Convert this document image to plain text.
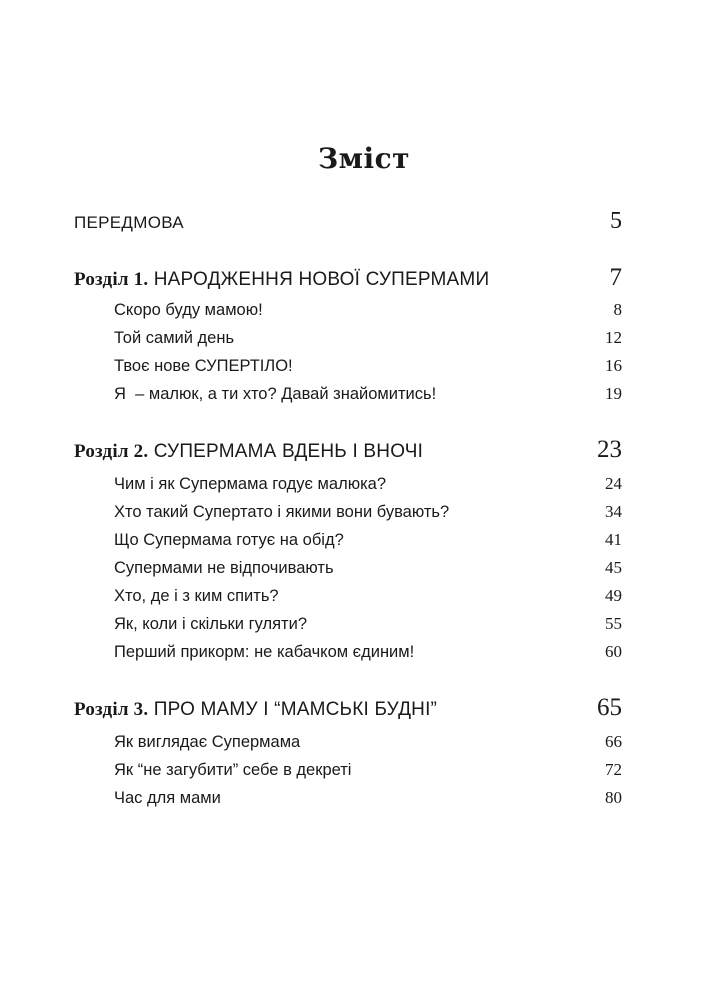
Зміст
ПЕРЕДМОВА	5
Розділ 1. НАРОДЖЕННЯ НОВОЇ СУПЕРМАМИ	7
Скоро буду мамою!	8
Той самий день	12
Твоє нове СУПЕРТІЛО!	16
Я  – малюк, а ти хто? Давай знайомитись!	19
Розділ 2. СУПЕРМАМА ВДЕНЬ І ВНОЧІ	23
Чим і як Супермама годує малюка?	24
Хто такий Супертато і якими вони бувають?	34
Що Супермама готує на обід?	41
Супермами не відпочивають	45
Хто, де і з ким спить?	49
Як, коли і скільки гуляти?	55
Перший прикорм: не кабачком єдиним!	60
Розділ 3. ПРО МАМУ І “МАМСЬКІ БУДНІ”	65
Як виглядає Супермама	66
Як “не загубити” себе в декреті	72
Час для мами	80
